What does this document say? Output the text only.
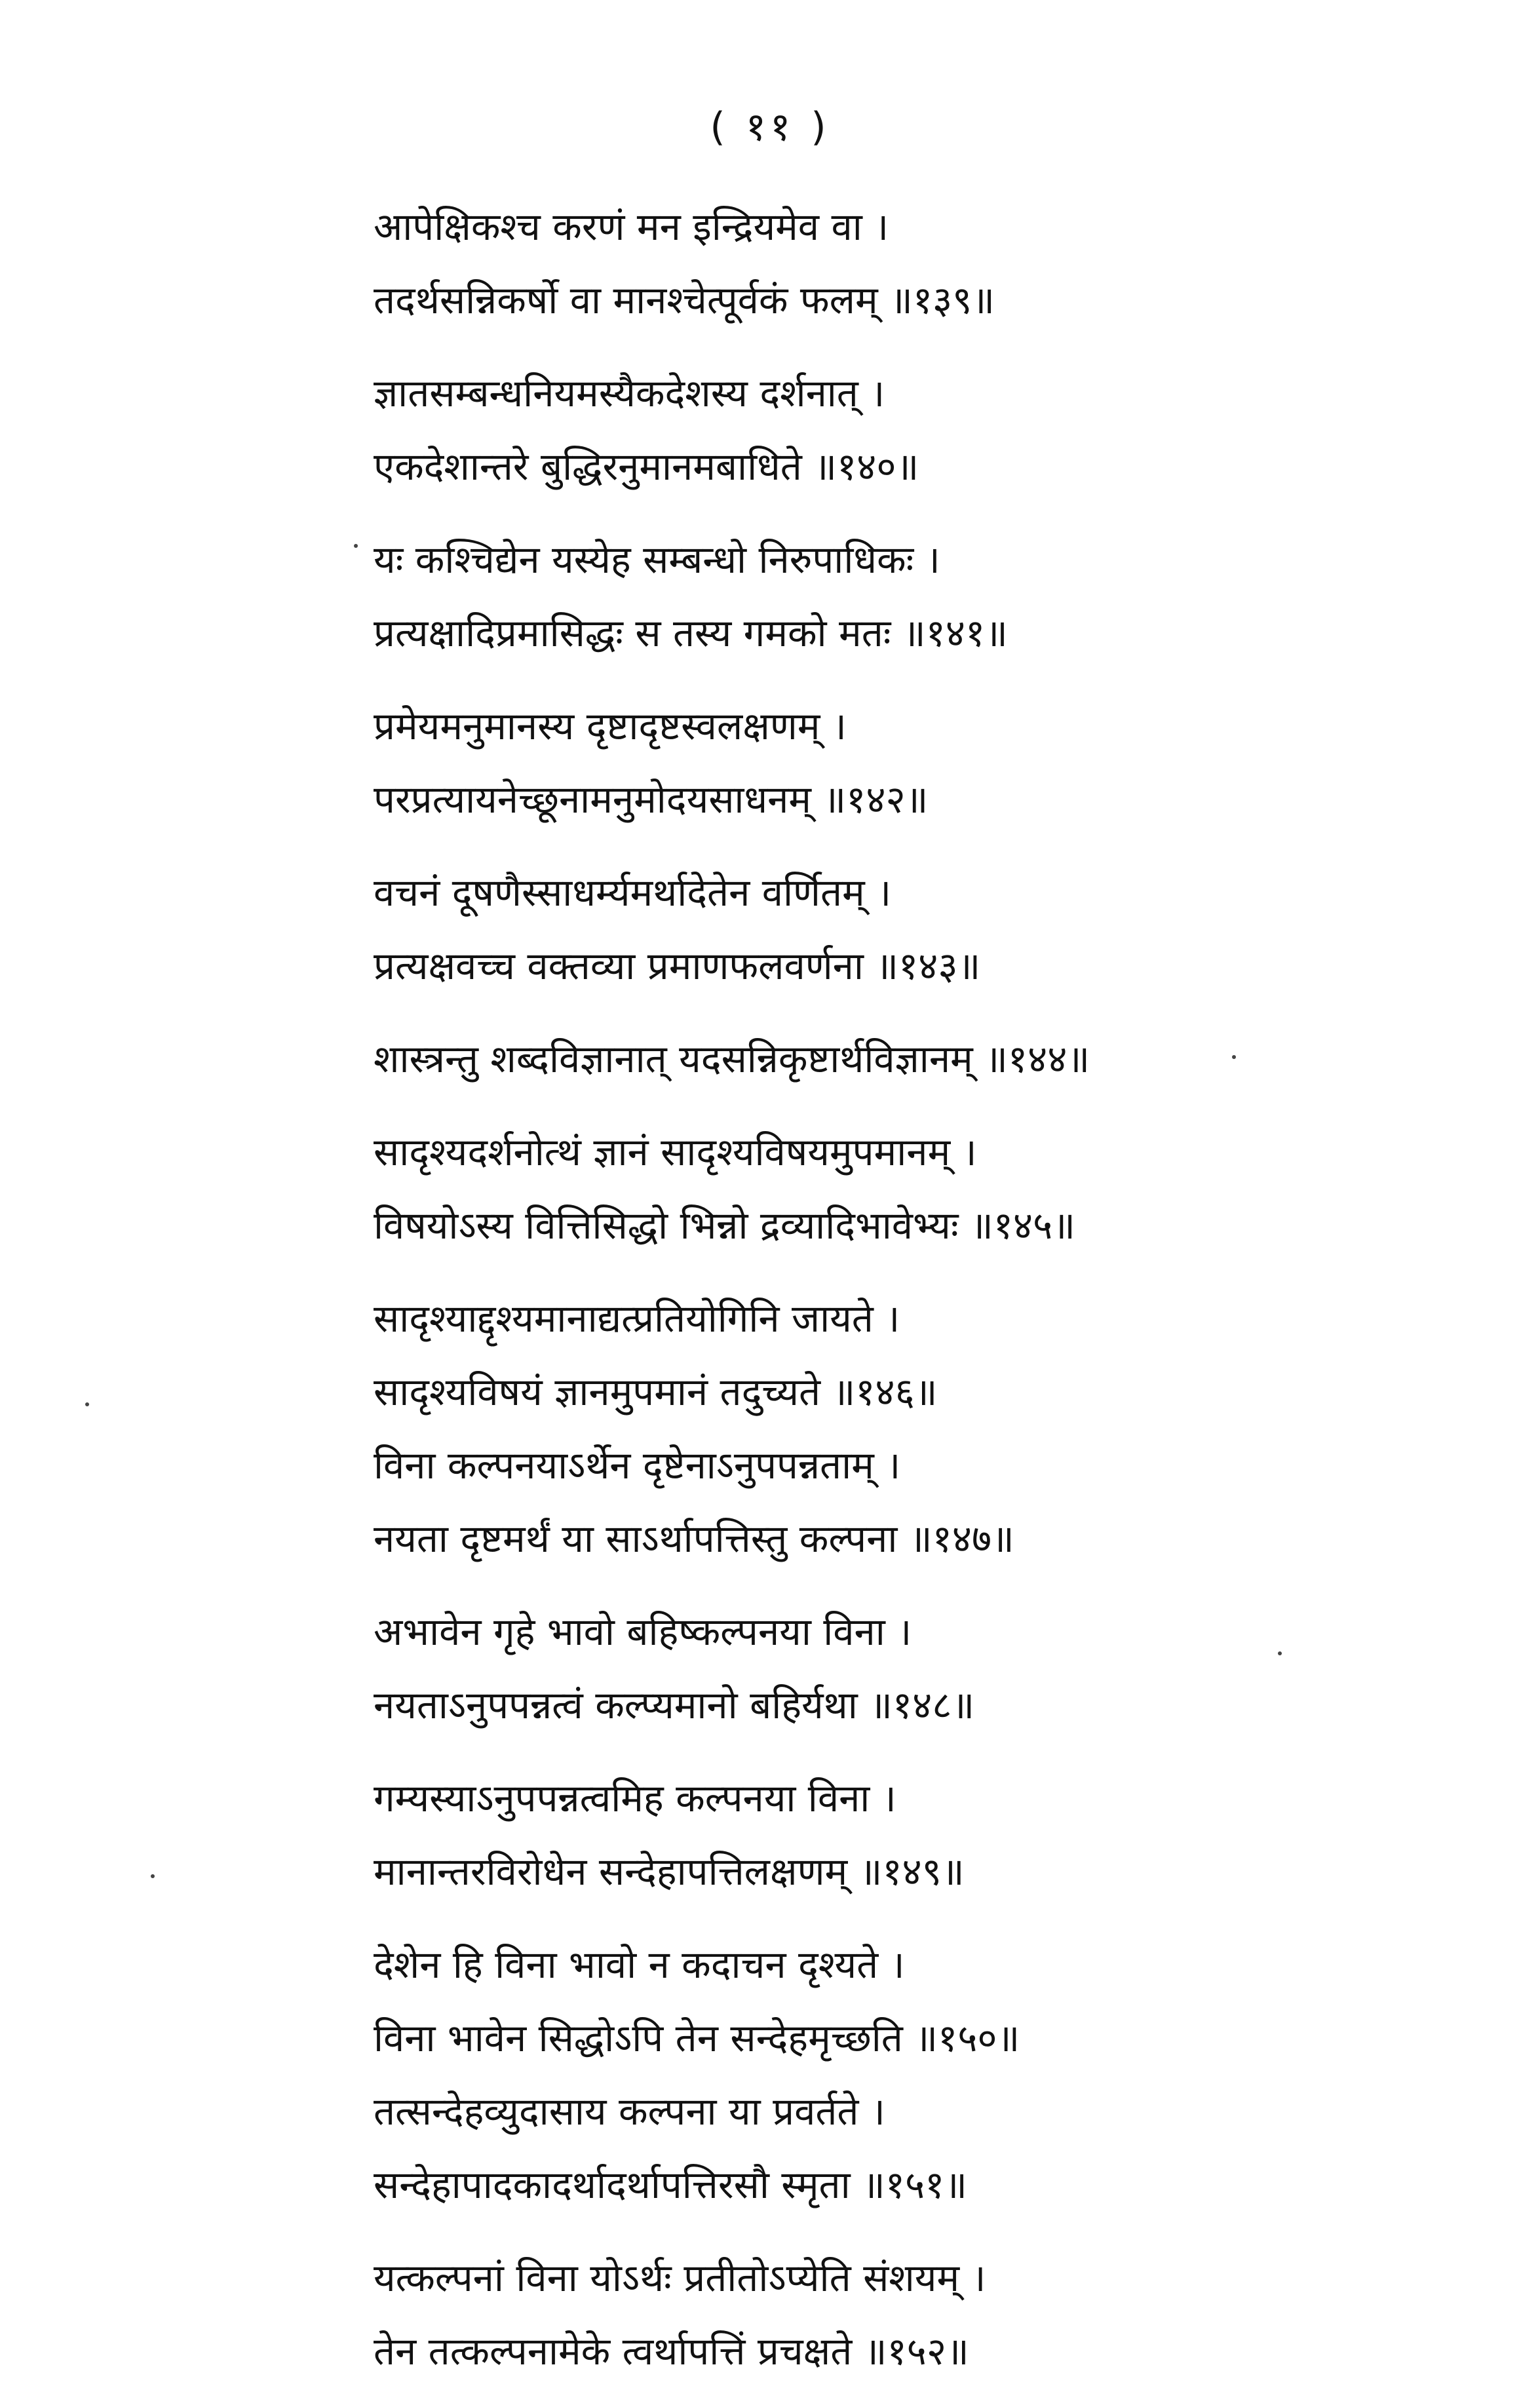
( ११ )
आपेक्षिकश्च करणं मन इन्द्रियमेव वा ।
तदर्थसन्निकर्षो वा मानश्चेत्पूर्वकं फलम् ॥१३९॥
ज्ञातसम्बन्धनियमस्यैकदेशस्य दर्शनात् ।
एकदेशान्तरे बुद्धिरनुमानमबाधिते ॥१४०॥
यः कश्चिद्येन यस्येह सम्बन्धो निरुपाधिकः ।
प्रत्यक्षादिप्रमासिद्धः स तस्य गमको मतः ॥१४१॥
प्रमेयमनुमानस्य दृष्टादृष्टस्वलक्षणम् ।
परप्रत्यायनेच्छूनामनुमोदयसाधनम् ॥१४२॥
वचनं दूषणैस्साधर्म्यमर्थादेतेन वर्णितम् ।
प्रत्यक्षवच्च वक्तव्या प्रमाणफलवर्णना ॥१४३॥
शास्त्रन्तु शब्दविज्ञानात् यदसन्निकृष्टार्थविज्ञानम् ॥१४४॥
सादृश्यदर्शनोत्थं ज्ञानं सादृश्यविषयमुपमानम् ।
विषयोऽस्य वित्तिसिद्धो भिन्नो द्रव्यादिभावेभ्यः ॥१४५॥
सादृश्याद्दृश्यमानाद्यत्प्रतियोगिनि जायते ।
सादृश्यविषयं ज्ञानमुपमानं तदुच्यते ॥१४६॥
विना कल्पनयाऽर्थेन दृष्टेनाऽनुपपन्नताम् ।
नयता दृष्टमर्थं या साऽर्थापत्तिस्तु कल्पना ॥१४७॥
अभावेन गृहे भावो बहिष्कल्पनया विना ।
नयताऽनुपपन्नत्वं कल्प्यमानो बहिर्यथा ॥१४८॥
गम्यस्याऽनुपपन्नत्वमिह कल्पनया विना ।
मानान्तरविरोधेन सन्देहापत्तिलक्षणम् ॥१४९॥
देशेन हि विना भावो न कदाचन दृश्यते ।
विना भावेन सिद्धोऽपि तेन सन्देहमृच्छति ॥१५०॥
तत्सन्देहव्युदासाय कल्पना या प्रवर्तते ।
सन्देहापादकादर्थादर्थापत्तिरसौ स्मृता ॥१५१॥
यत्कल्पनां विना योऽर्थः प्रतीतोऽप्येति संशयम् ।
तेन तत्कल्पनामेके त्वर्थापत्तिं प्रचक्षते ॥१५२॥
